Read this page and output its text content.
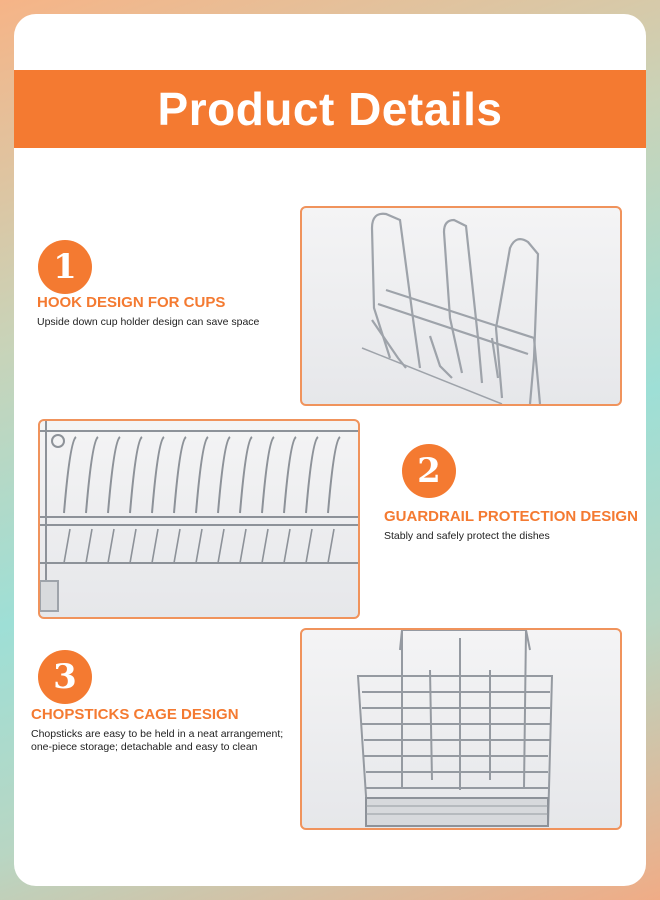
Product Details
1
HOOK DESIGN FOR CUPS
Upside down cup holder design can save space
2
GUARDRAIL PROTECTION DESIGN
Stably and safely protect the dishes
3
CHOPSTICKS CAGE DESIGN
Chopsticks are easy to be held in a neat arrangement; one-piece storage; detachable and easy to clean
